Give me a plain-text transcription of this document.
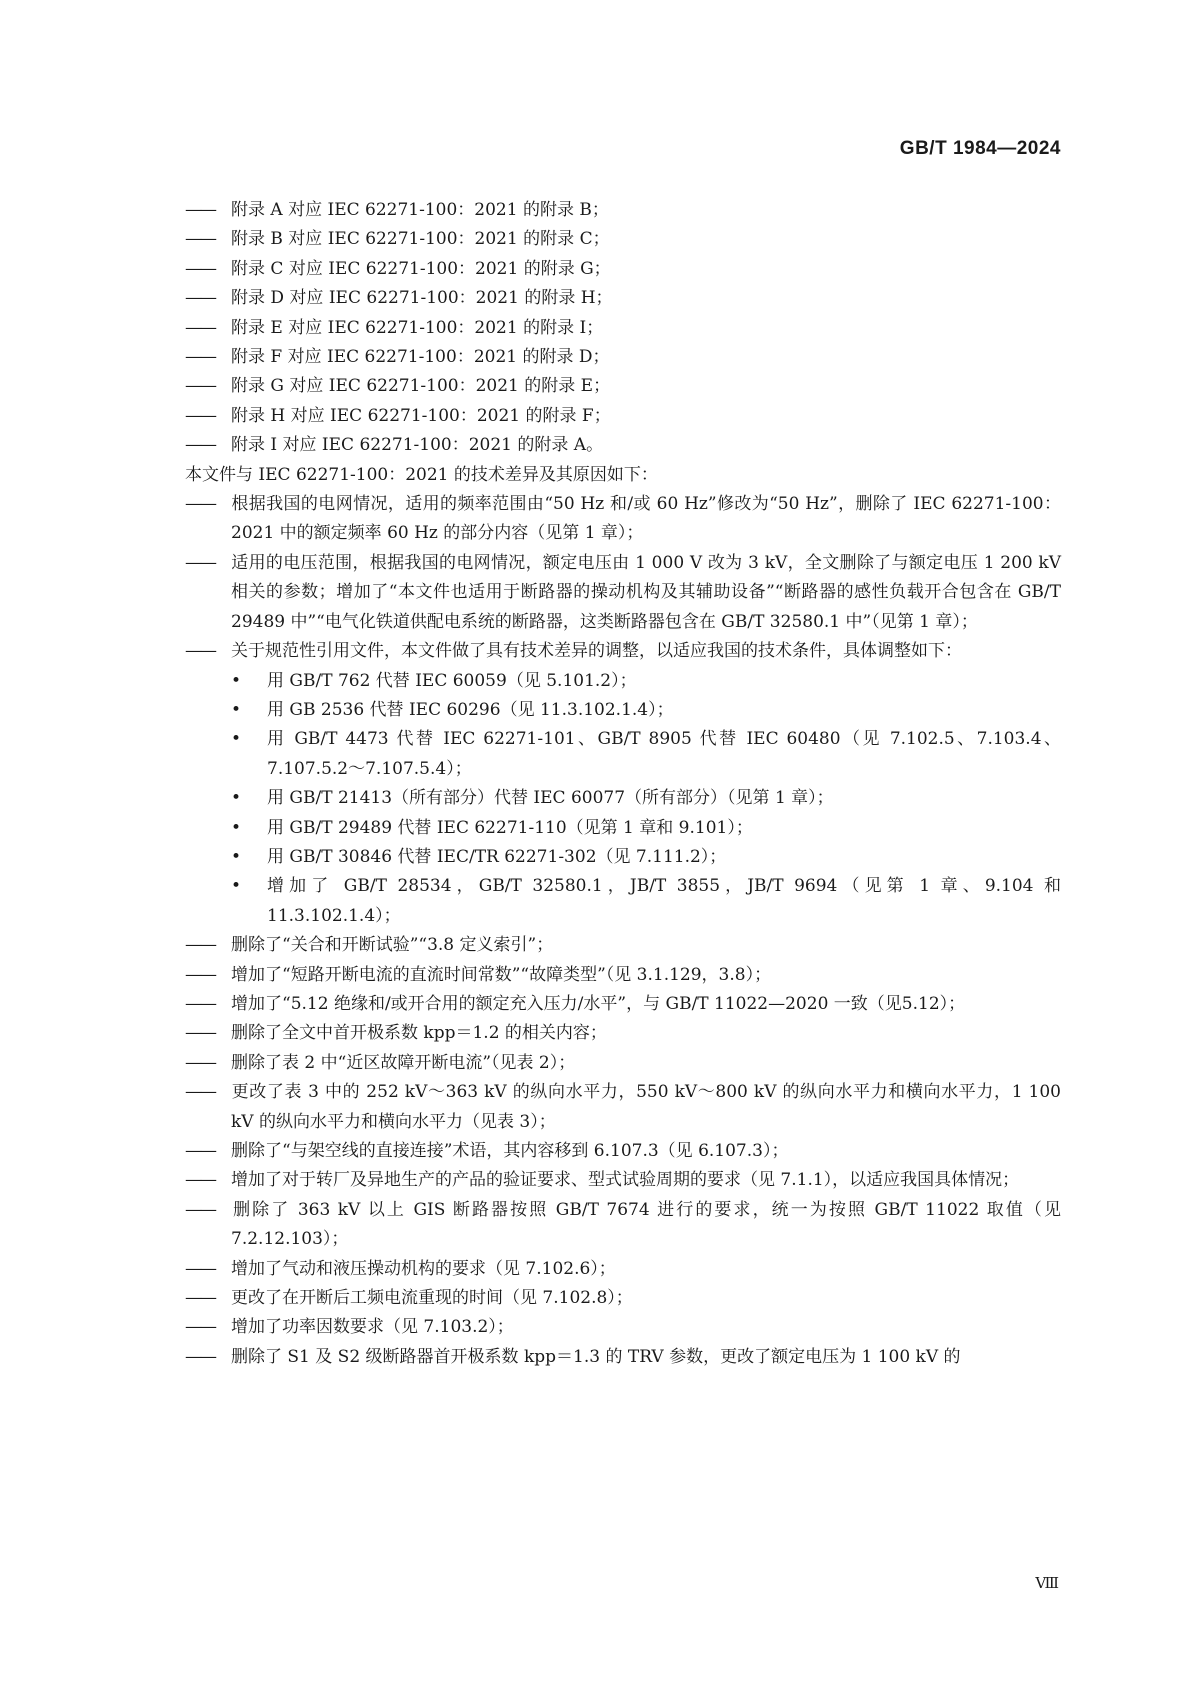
GB/T 1984—2024
—— 附录 A 对应 IEC 62271-100：2021 的附录 B；
—— 附录 B 对应 IEC 62271-100：2021 的附录 C；
—— 附录 C 对应 IEC 62271-100：2021 的附录 G；
—— 附录 D 对应 IEC 62271-100：2021 的附录 H；
—— 附录 E 对应 IEC 62271-100：2021 的附录 I；
—— 附录 F 对应 IEC 62271-100：2021 的附录 D；
—— 附录 G 对应 IEC 62271-100：2021 的附录 E；
—— 附录 H 对应 IEC 62271-100：2021 的附录 F；
—— 附录 I 对应 IEC 62271-100：2021 的附录 A。
本文件与 IEC 62271-100：2021 的技术差异及其原因如下：
—— 根据我国的电网情况，适用的频率范围由“50 Hz 和/或 60 Hz”修改为“50 Hz”，删除了 IEC 62271-100：2021 中的额定频率 60 Hz 的部分内容（见第 1 章）；
—— 适用的电压范围，根据我国的电网情况，额定电压由 1 000 V 改为 3 kV，全文删除了与额定电压 1 200 kV 相关的参数；增加了“本文件也适用于断路器的操动机构及其辅助设备”“断路器的感性负载开合包含在 GB/T 29489 中”“电气化铁道供配电系统的断路器，这类断路器包含在 GB/T 32580.1 中”（见第 1 章）；
—— 关于规范性引用文件，本文件做了具有技术差异的调整，以适应我国的技术条件，具体调整如下：
• 用 GB/T 762 代替 IEC 60059（见 5.101.2）；
• 用 GB 2536 代替 IEC 60296（见 11.3.102.1.4）；
• 用 GB/T 4473 代替 IEC 62271-101、GB/T 8905 代替 IEC 60480（见 7.102.5、7.103.4、7.107.5.2～7.107.5.4）；
• 用 GB/T 21413（所有部分）代替 IEC 60077（所有部分）（见第 1 章）；
• 用 GB/T 29489 代替 IEC 62271-110（见第 1 章和 9.101）；
• 用 GB/T 30846 代替 IEC/TR 62271-302（见 7.111.2）；
• 增加了 GB/T 28534，GB/T 32580.1，JB/T 3855，JB/T 9694（见第 1 章、9.104 和 11.3.102.1.4）；
—— 删除了“关合和开断试验”“3.8 定义索引”；
—— 增加了“短路开断电流的直流时间常数”“故障类型”（见 3.1.129，3.8）；
—— 增加了“5.12 绝缘和/或开合用的额定充入压力/水平”，与 GB/T 11022—2020 一致（见5.12）；
—— 删除了全文中首开极系数 kpp＝1.2 的相关内容；
—— 删除了表 2 中“近区故障开断电流”（见表 2）；
—— 更改了表 3 中的 252 kV～363 kV 的纵向水平力，550 kV～800 kV 的纵向水平力和横向水平力，1 100 kV 的纵向水平力和横向水平力（见表 3）；
—— 删除了“与架空线的直接连接”术语，其内容移到 6.107.3（见 6.107.3）；
—— 增加了对于转厂及异地生产的产品的验证要求、型式试验周期的要求（见 7.1.1），以适应我国具体情况；
—— 删除了 363 kV 以上 GIS 断路器按照 GB/T 7674 进行的要求，统一为按照 GB/T 11022 取值（见 7.2.12.103）；
—— 增加了气动和液压操动机构的要求（见 7.102.6）；
—— 更改了在开断后工频电流重现的时间（见 7.102.8）；
—— 增加了功率因数要求（见 7.103.2）；
—— 删除了 S1 及 S2 级断路器首开极系数 kpp＝1.3 的 TRV 参数，更改了额定电压为 1 100 kV 的
Ⅷ
